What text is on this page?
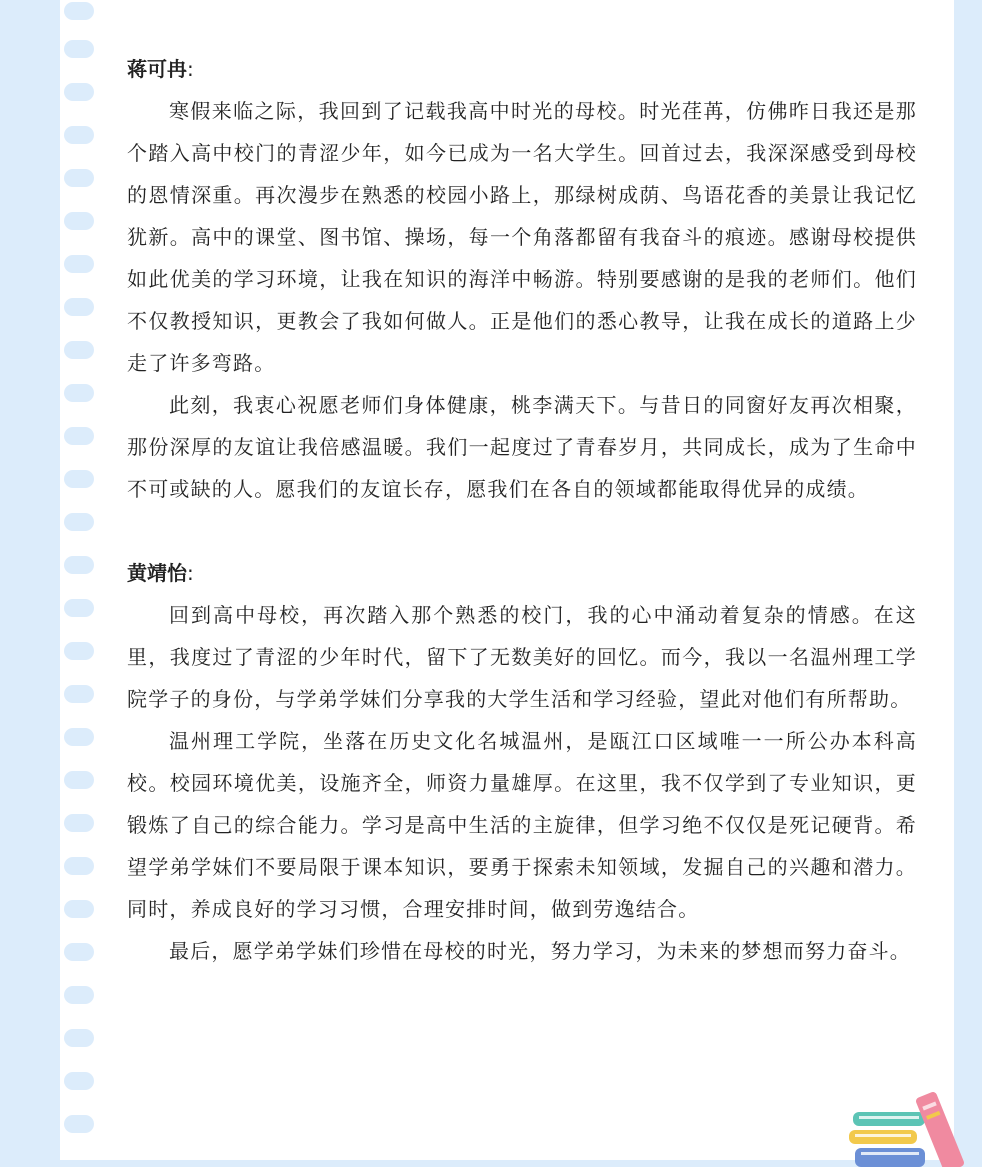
蒋可冉:

寒假来临之际，我回到了记载我高中时光的母校。时光荏苒，仿佛昨日我还是那个踏入高中校门的青涩少年，如今已成为一名大学生。回首过去，我深深感受到母校的恩情深重。再次漫步在熟悉的校园小路上，那绿树成荫、鸟语花香的美景让我记忆犹新。高中的课堂、图书馆、操场，每一个角落都留有我奋斗的痕迹。感谢母校提供如此优美的学习环境，让我在知识的海洋中畅游。特别要感谢的是我的老师们。他们不仅教授知识，更教会了我如何做人。正是他们的悉心教导，让我在成长的道路上少走了许多弯路。

此刻，我衷心祝愿老师们身体健康，桃李满天下。与昔日的同窗好友再次相聚，那份深厚的友谊让我倍感温暖。我们一起度过了青春岁月，共同成长，成为了生命中不可或缺的人。愿我们的友谊长存，愿我们在各自的领域都能取得优异的成绩。

黄靖怡:

回到高中母校，再次踏入那个熟悉的校门，我的心中涌动着复杂的情感。在这里，我度过了青涩的少年时代，留下了无数美好的回忆。而今，我以一名温州理工学院学子的身份，与学弟学妹们分享我的大学生活和学习经验，望此对他们有所帮助。

温州理工学院，坐落在历史文化名城温州，是瓯江口区域唯一一所公办本科高校。校园环境优美，设施齐全，师资力量雄厚。在这里，我不仅学到了专业知识，更锻炼了自己的综合能力。学习是高中生活的主旋律，但学习绝不仅仅是死记硬背。希望学弟学妹们不要局限于课本知识，要勇于探索未知领域，发掘自己的兴趣和潜力。同时，养成良好的学习习惯，合理安排时间，做到劳逸结合。

最后，愿学弟学妹们珍惜在母校的时光，努力学习，为未来的梦想而努力奋斗。
